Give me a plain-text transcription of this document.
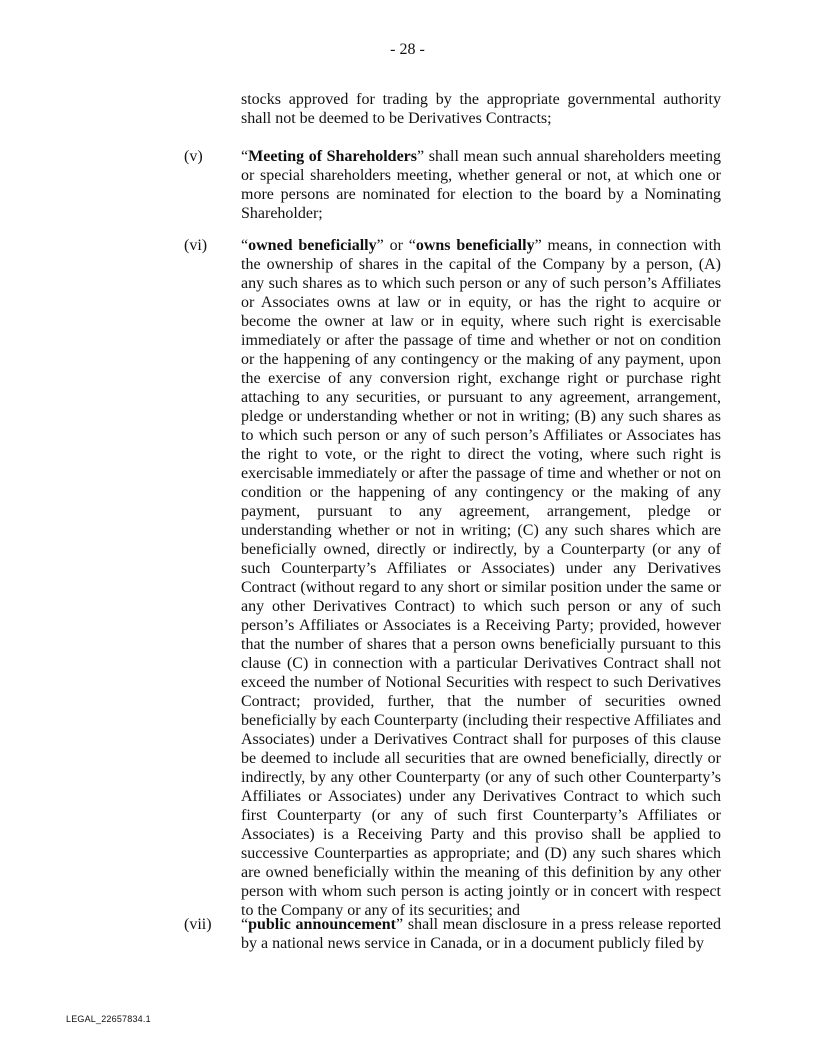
- 28 -

stocks approved for trading by the appropriate governmental authority shall not be deemed to be Derivatives Contracts;

(v)	“Meeting of Shareholders” shall mean such annual shareholders meeting or special shareholders meeting, whether general or not, at which one or more persons are nominated for election to the board by a Nominating Shareholder;
(vi)	“owned beneficially” or “owns beneficially” means, in connection with the ownership of shares in the capital of the Company by a person, (A) any such shares as to which such person or any of such person’s Affiliates or Associates owns at law or in equity, or has the right to acquire or become the owner at law or in equity, where such right is exercisable immediately or after the passage of time and whether or not on condition or the happening of any contingency or the making of any payment, upon the exercise of any conversion right, exchange right or purchase right attaching to any securities, or pursuant to any agreement, arrangement, pledge or understanding whether or not in writing; (B) any such shares as to which such person or any of such person’s Affiliates or Associates has the right to vote, or the right to direct the voting, where such right is exercisable immediately or after the passage of time and whether or not on condition or the happening of any contingency or the making of any payment, pursuant to any agreement, arrangement, pledge or understanding whether or not in writing; (C) any such shares which are beneficially owned, directly or indirectly, by a Counterparty (or any of such Counterparty’s Affiliates or Associates) under any Derivatives Contract (without regard to any short or similar position under the same or any other Derivatives Contract) to which such person or any of such person’s Affiliates or Associates is a Receiving Party; provided, however that the number of shares that a person owns beneficially pursuant to this clause (C) in connection with a particular Derivatives Contract shall not exceed the number of Notional Securities with respect to such Derivatives Contract; provided, further, that the number of securities owned beneficially by each Counterparty (including their respective Affiliates and Associates) under a Derivatives Contract shall for purposes of this clause be deemed to include all securities that are owned beneficially, directly or indirectly, by any other Counterparty (or any of such other Counterparty’s Affiliates or Associates) under any Derivatives Contract to which such first Counterparty (or any of such first Counterparty’s Affiliates or Associates) is a Receiving Party and this proviso shall be applied to successive Counterparties as appropriate; and (D) any such shares which are owned beneficially within the meaning of this definition by any other person with whom such person is acting jointly or in concert with respect to the Company or any of its securities; and
(vii)	“public announcement” shall mean disclosure in a press release reported by a national news service in Canada, or in a document publicly filed by
LEGAL_22657834.1
